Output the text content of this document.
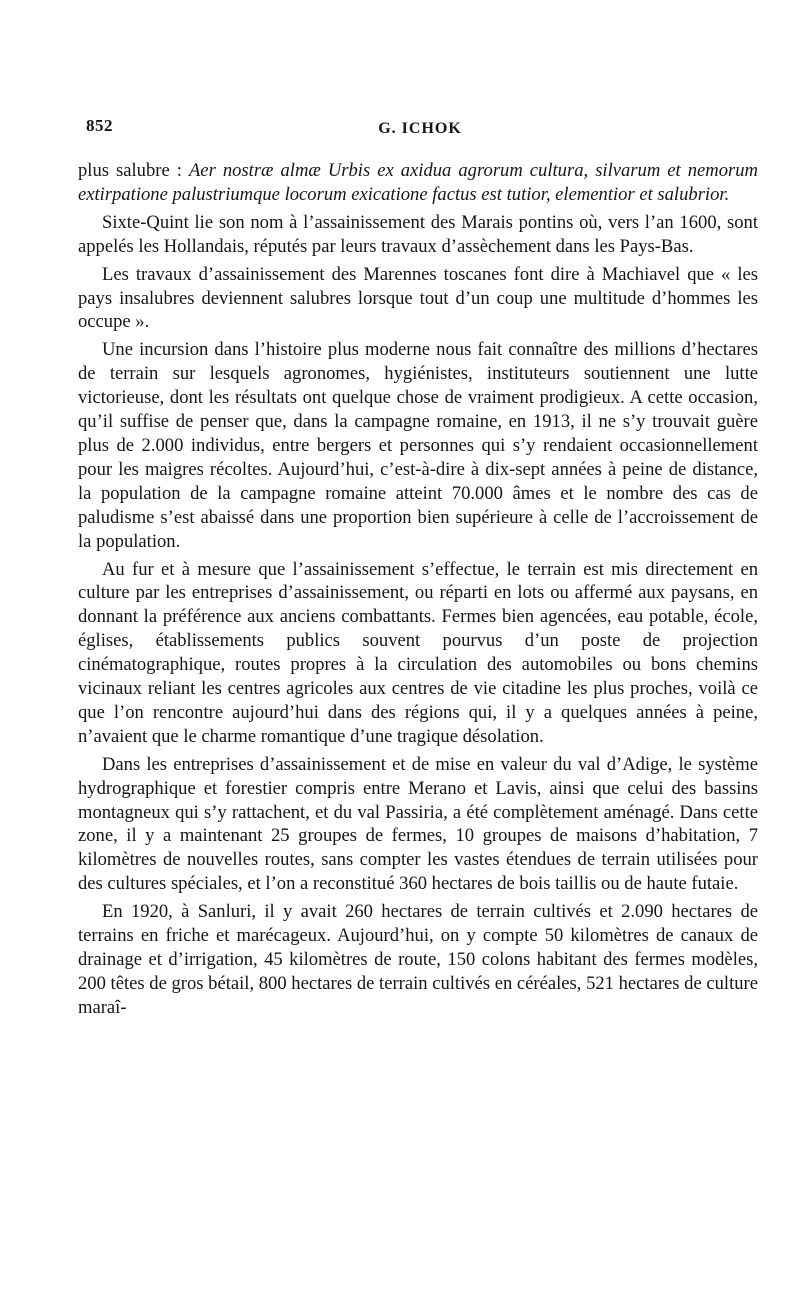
852	G. ICHOK

plus salubre : Aer nostræ almæ Urbis ex axidua agrorum cultura, silvarum et nemorum extirpatione palustriumque locorum exicatione factus est tutior, elementior et salubrior.

Sixte-Quint lie son nom à l’assainissement des Marais pontins où, vers l’an 1600, sont appelés les Hollandais, réputés par leurs travaux d’assèchement dans les Pays-Bas.

Les travaux d’assainissement des Marennes toscanes font dire à Machiavel que « les pays insalubres deviennent salubres lorsque tout d’un coup une multitude d’hommes les occupe ».

Une incursion dans l’histoire plus moderne nous fait connaître des millions d’hectares de terrain sur lesquels agronomes, hygiénistes, instituteurs soutiennent une lutte victorieuse, dont les résultats ont quelque chose de vraiment prodigieux. A cette occasion, qu’il suffise de penser que, dans la campagne romaine, en 1913, il ne s’y trouvait guère plus de 2.000 individus, entre bergers et personnes qui s’y rendaient occasionnellement pour les maigres récoltes. Aujourd’hui, c’est-à-dire à dix-sept années à peine de distance, la population de la campagne romaine atteint 70.000 âmes et le nombre des cas de paludisme s’est abaissé dans une proportion bien supérieure à celle de l’accroissement de la population.

Au fur et à mesure que l’assainissement s’effectue, le terrain est mis directement en culture par les entreprises d’assainissement, ou réparti en lots ou affermé aux paysans, en donnant la préférence aux anciens combattants. Fermes bien agencées, eau potable, école, églises, établissements publics souvent pourvus d’un poste de projection cinématographique, routes propres à la circulation des automobiles ou bons chemins vicinaux reliant les centres agricoles aux centres de vie citadine les plus proches, voilà ce que l’on rencontre aujourd’hui dans des régions qui, il y a quelques années à peine, n’avaient que le charme romantique d’une tragique désolation.

Dans les entreprises d’assainissement et de mise en valeur du val d’Adige, le système hydrographique et forestier compris entre Merano et Lavis, ainsi que celui des bassins montagneux qui s’y rattachent, et du val Passiria, a été complètement aménagé. Dans cette zone, il y a maintenant 25 groupes de fermes, 10 groupes de maisons d’habitation, 7 kilomètres de nouvelles routes, sans compter les vastes étendues de terrain utilisées pour des cultures spéciales, et l’on a reconstitué 360 hectares de bois taillis ou de haute futaie.

En 1920, à Sanluri, il y avait 260 hectares de terrain cultivés et 2.090 hectares de terrains en friche et marécageux. Aujourd’hui, on y compte 50 kilomètres de canaux de drainage et d’irrigation, 45 kilomètres de route, 150 colons habitant des fermes modèles, 200 têtes de gros bétail, 800 hectares de terrain cultivés en céréales, 521 hectares de culture maraî-
